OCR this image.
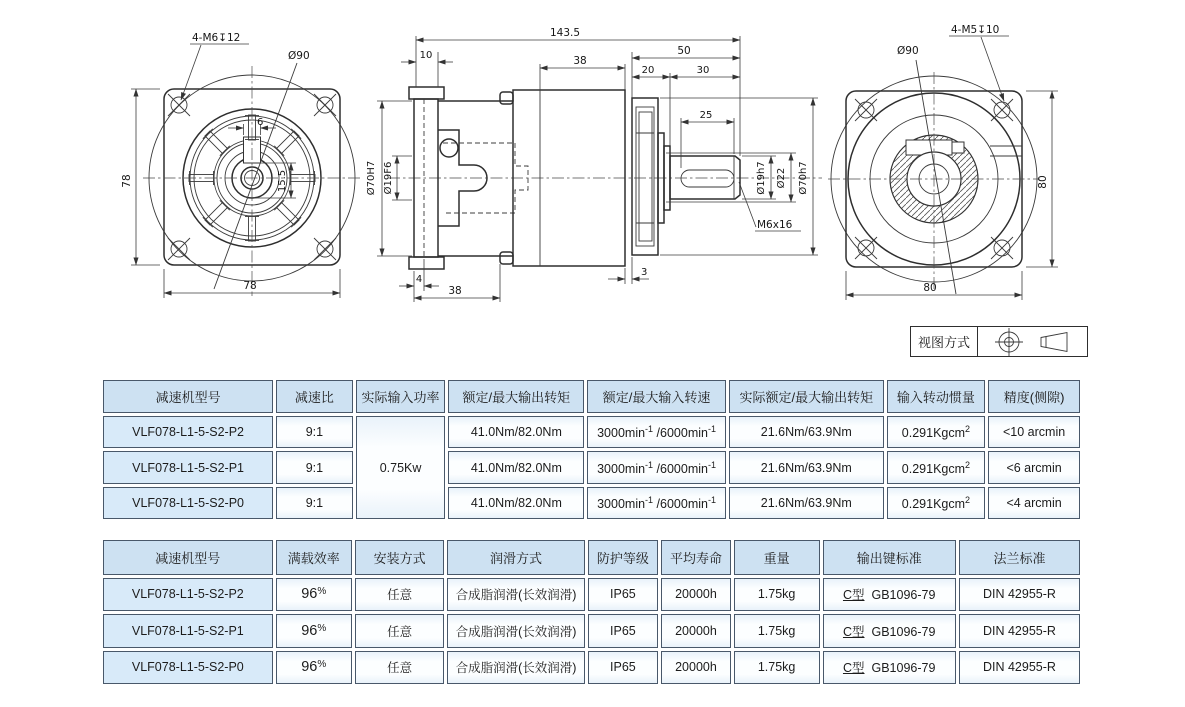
Ø90
4-M6↧12
78
78
6
15.5
143.5
10	38
50
20	30
25
Ø70H7 Ø19F6	Ø19h7 Ø22 Ø70h7
M6x16
4
38
3
Ø90
4-M5↧10
80
80
视图方式
减速机型号	减速比	实际输入功率	额定/最大输出转矩	额定/最大输入转速	实际额定/最大输出转矩	输入转动惯量	精度(侧隙)
VLF078-L1-5-S2-P2	9:1	0.75Kw	41.0Nm/82.0Nm	$3000\min^{-1}$ $/6000\min^{-1}$	21.6Nm/63.9Nm	0.291Kgcm$^2$	<10 arcmin
VLF078-L1-5-S2-P1	9:1		41.0Nm/82.0Nm	$3000\min^{-1}$ $/6000\min^{-1}$	21.6Nm/63.9Nm	0.291Kgcm$^2$	<6 arcmin
VLF078-L1-5-S2-P0	9:1		41.0Nm/82.0Nm	$3000\min^{-1}$ $/6000\min^{-1}$	21.6Nm/63.9Nm	0.291Kgcm$^2$	<4 arcmin
减速机型号	满载效率	安装方式	润滑方式	防护等级	平均寿命	重量	输出键标准	法兰标准
VLF078-L1-5-S2-P2	96%	任意	合成脂润滑(长效润滑)	IP65	20000h	1.75kg	C型 GB1096-79	DIN 42955-R
VLF078-L1-5-S2-P1	96%	任意	合成脂润滑(长效润滑)	IP65	20000h	1.75kg	C型 GB1096-79	DIN 42955-R
VLF078-L1-5-S2-P0	96%	任意	合成脂润滑(长效润滑)	IP65	20000h	1.75kg	C型 GB1096-79	DIN 42955-R
